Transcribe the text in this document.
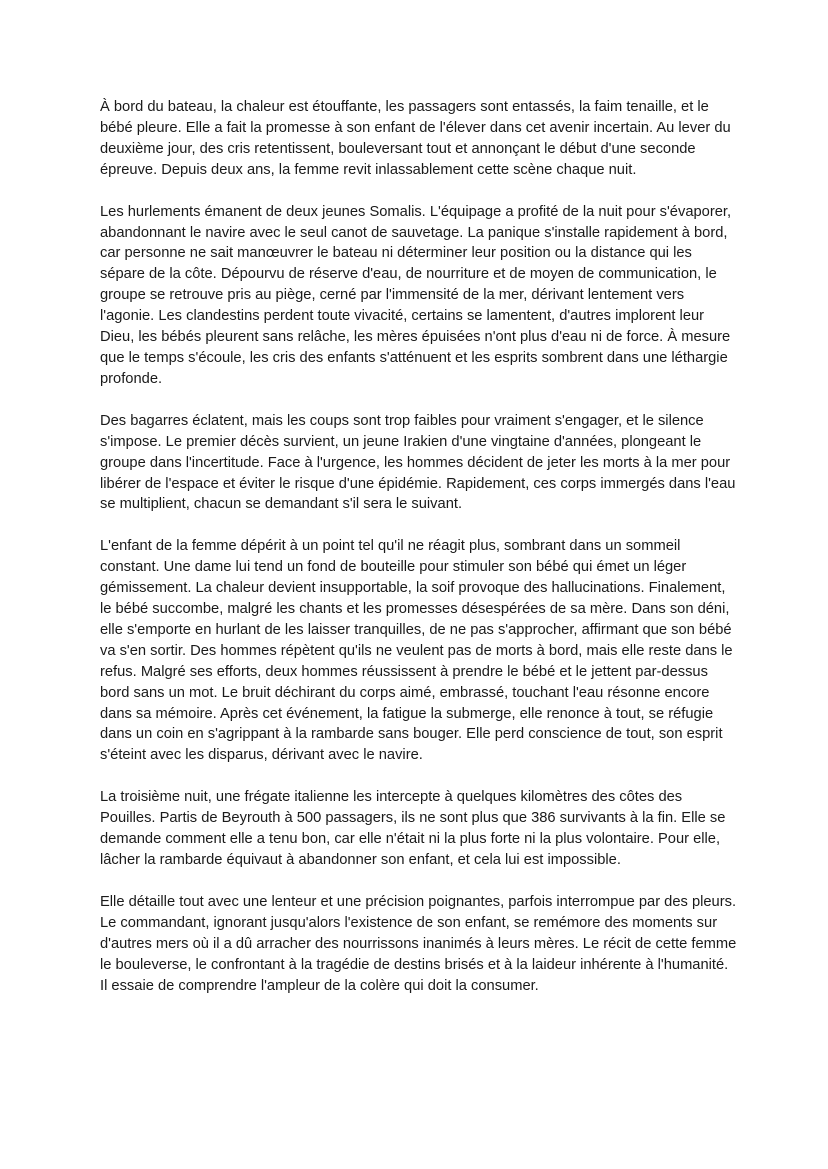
À bord du bateau, la chaleur est étouffante, les passagers sont entassés, la faim tenaille, et le bébé pleure. Elle a fait la promesse à son enfant de l'élever dans cet avenir incertain. Au lever du deuxième jour, des cris retentissent, bouleversant tout et annonçant le début d'une seconde épreuve. Depuis deux ans, la femme revit inlassablement cette scène chaque nuit.

Les hurlements émanent de deux jeunes Somalis. L'équipage a profité de la nuit pour s'évaporer, abandonnant le navire avec le seul canot de sauvetage. La panique s'installe rapidement à bord, car personne ne sait manœuvrer le bateau ni déterminer leur position ou la distance qui les sépare de la côte. Dépourvu de réserve d'eau, de nourriture et de moyen de communication, le groupe se retrouve pris au piège, cerné par l'immensité de la mer, dérivant lentement vers l'agonie. Les clandestins perdent toute vivacité, certains se lamentent, d'autres implorent leur Dieu, les bébés pleurent sans relâche, les mères épuisées n'ont plus d'eau ni de force. À mesure que le temps s'écoule, les cris des enfants s'atténuent et les esprits sombrent dans une léthargie profonde.

Des bagarres éclatent, mais les coups sont trop faibles pour vraiment s'engager, et le silence s'impose. Le premier décès survient, un jeune Irakien d'une vingtaine d'années, plongeant le groupe dans l'incertitude. Face à l'urgence, les hommes décident de jeter les morts à la mer pour libérer de l'espace et éviter le risque d'une épidémie. Rapidement, ces corps immergés dans l'eau se multiplient, chacun se demandant s'il sera le suivant.

L'enfant de la femme dépérit à un point tel qu'il ne réagit plus, sombrant dans un sommeil constant. Une dame lui tend un fond de bouteille pour stimuler son bébé qui émet un léger gémissement. La chaleur devient insupportable, la soif provoque des hallucinations. Finalement, le bébé succombe, malgré les chants et les promesses désespérées de sa mère. Dans son déni, elle s'emporte en hurlant de les laisser tranquilles, de ne pas s'approcher, affirmant que son bébé va s'en sortir. Des hommes répètent qu'ils ne veulent pas de morts à bord, mais elle reste dans le refus. Malgré ses efforts, deux hommes réussissent à prendre le bébé et le jettent par-dessus bord sans un mot. Le bruit déchirant du corps aimé, embrassé, touchant l'eau résonne encore dans sa mémoire. Après cet événement, la fatigue la submerge, elle renonce à tout, se réfugie dans un coin en s'agrippant à la rambarde sans bouger. Elle perd conscience de tout, son esprit s'éteint avec les disparus, dérivant avec le navire.

La troisième nuit, une frégate italienne les intercepte à quelques kilomètres des côtes des Pouilles. Partis de Beyrouth à 500 passagers, ils ne sont plus que 386 survivants à la fin. Elle se demande comment elle a tenu bon, car elle n'était ni la plus forte ni la plus volontaire. Pour elle, lâcher la rambarde équivaut à abandonner son enfant, et cela lui est impossible.

Elle détaille tout avec une lenteur et une précision poignantes, parfois interrompue par des pleurs. Le commandant, ignorant jusqu'alors l'existence de son enfant, se remémore des moments sur d'autres mers où il a dû arracher des nourrissons inanimés à leurs mères. Le récit de cette femme le bouleverse, le confrontant à la tragédie de destins brisés et à la laideur inhérente à l'humanité. Il essaie de comprendre l'ampleur de la colère qui doit la consumer.
